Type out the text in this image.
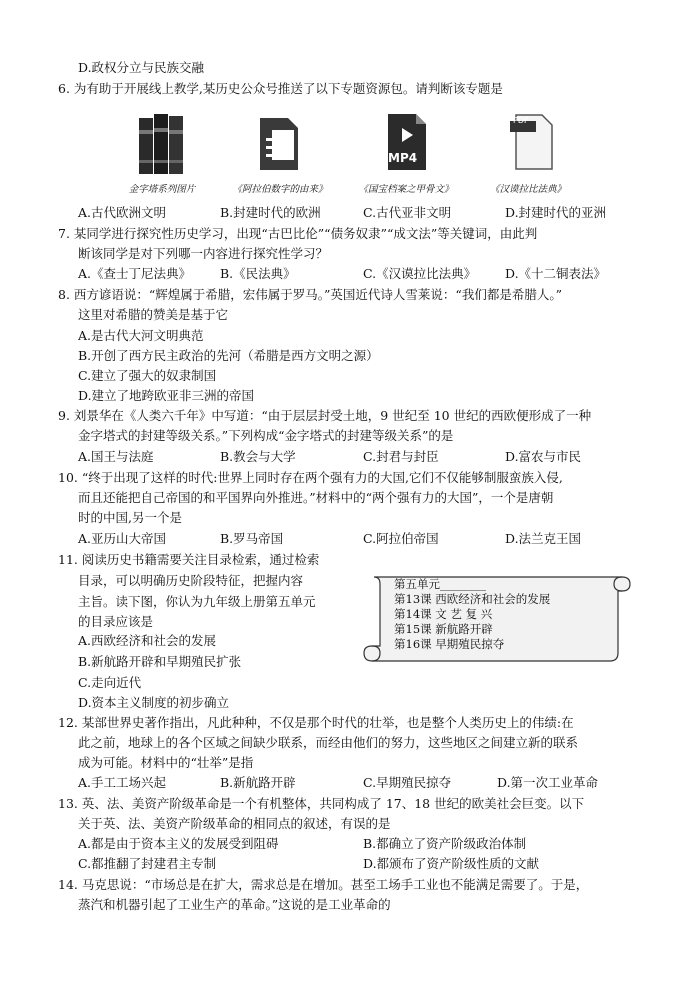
D.政权分立与民族交融
6. 为有助于开展线上教学,某历史公众号推送了以下专题资源包。请判断该专题是
MP4
PDF
金字塔系列图片	《阿拉伯数字的由来》	《国宝档案之甲骨文》	《汉谟拉比法典》
A.古代欧洲文明	B.封建时代的欧洲	C.古代亚非文明	D.封建时代的亚洲
7. 某同学进行探究性历史学习，出现“古巴比伦”“债务奴隶”“成文法”等关键词，由此判
断该同学是对下列哪一内容进行探究性学习？
A.《查士丁尼法典》 B.《民法典》	C.《汉谟拉比法典》 D.《十二铜表法》
8. 西方谚语说：“辉煌属于希腊，宏伟属于罗马。”英国近代诗人雪莱说：“我们都是希腊人。”
这里对希腊的赞美是基于它
A.是古代大河文明典范
B.开创了西方民主政治的先河（希腊是西方文明之源）
C.建立了强大的奴隶制国
D.建立了地跨欧亚非三洲的帝国
9. 刘景华在《人类六千年》中写道：“由于层层封受土地，9 世纪至 10 世纪的西欧便形成了一种
金字塔式的封建等级关系。”下列构成“金字塔式的封建等级关系”的是
A.国王与法庭	B.教会与大学	C.封君与封臣	D.富农与市民
10. “终于出现了这样的时代:世界上同时存在两个强有力的大国,它们不仅能够制服蛮族入侵,
而且还能把自己帝国的和平国界向外推进。”材料中的“两个强有力的大国”，一个是唐朝
时的中国,另一个是
A.亚历山大帝国	B.罗马帝国	C.阿拉伯帝国	D.法兰克王国
11. 阅读历史书籍需要关注目录检索，通过检索
目录，可以明确历史阶段特征，把握内容
主旨。读下图，你认为九年级上册第五单元
的目录应该是
A.西欧经济和社会的发展
B.新航路开辟和早期殖民扩张
C.走向近代
D.资本主义制度的初步确立
第五单元________
第13课 西欧经济和社会的发展
第14课 文 艺 复 兴
第15课 新航路开辟
第16课 早期殖民掠夺
12. 某部世界史著作指出，凡此种种，不仅是那个时代的壮举，也是整个人类历史上的伟绩:在
此之前，地球上的各个区域之间缺少联系，而经由他们的努力，这些地区之间建立新的联系
成为可能。材料中的“壮举”是指
A.手工工场兴起	B.新航路开辟	C.早期殖民掠夺	D.第一次工业革命
13. 英、法、美资产阶级革命是一个有机整体，共同构成了 17、18 世纪的欧美社会巨变。以下
关于英、法、美资产阶级革命的相同点的叙述，有误的是
A.都是由于资本主义的发展受到阻碍	B.都确立了资产阶级政治体制
C.都推翻了封建君主专制	D.都颁布了资产阶级性质的文献
14. 马克思说：“市场总是在扩大，需求总是在增加。甚至工场手工业也不能满足需要了。于是，
蒸汽和机器引起了工业生产的革命。”这说的是工业革命的
